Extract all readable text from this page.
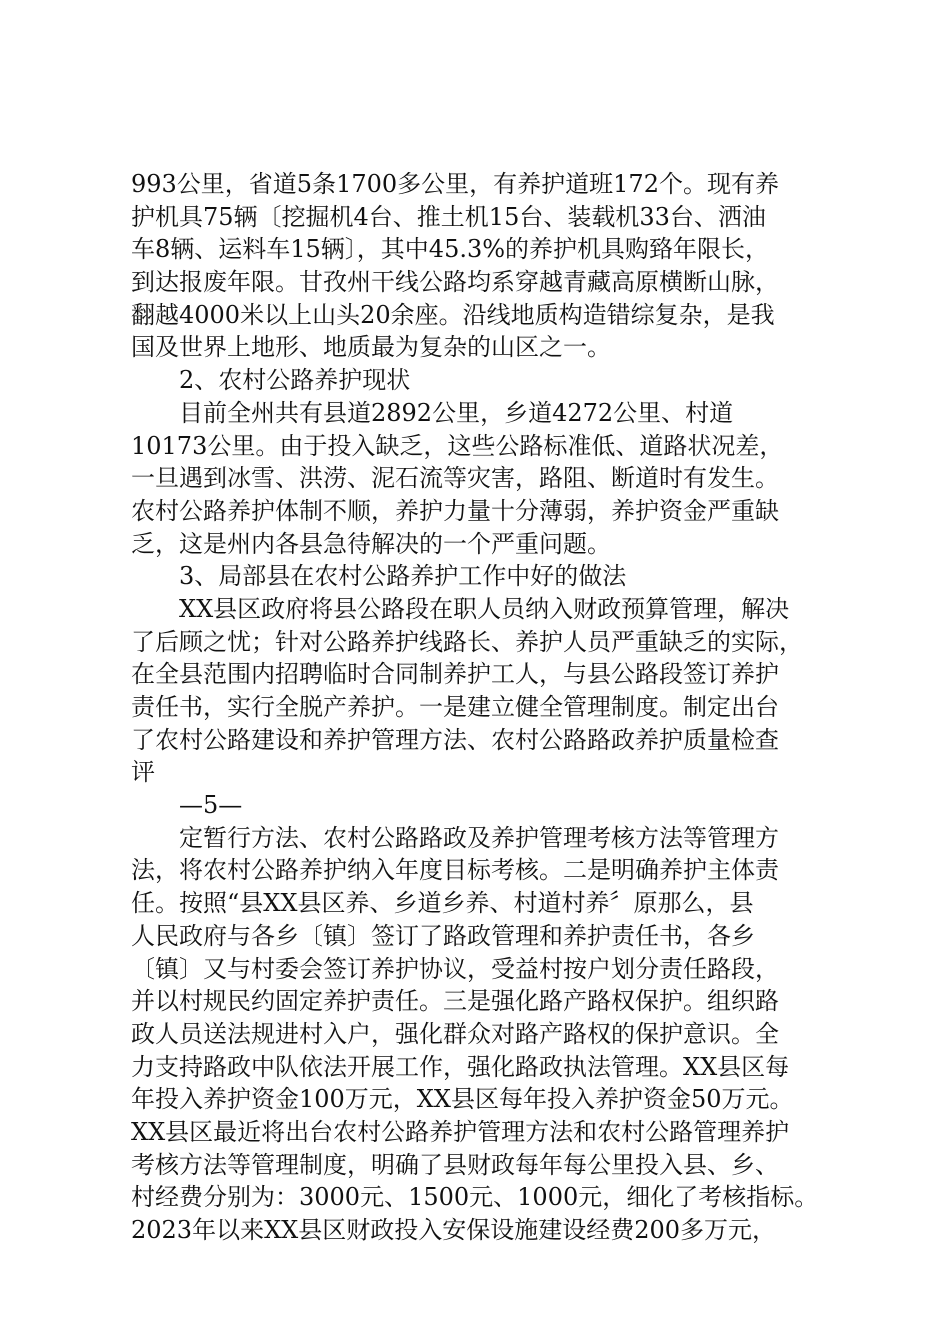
993公里，省道5条1700多公里，有养护道班172个。现有养
护机具75辆〔挖掘机4台、推土机15台、装载机33台、洒油
车8辆、运料车15辆〕，其中45.3%的养护机具购臵年限长，
到达报废年限。甘孜州干线公路均系穿越青藏高原横断山脉，
翻越4000米以上山头20余座。沿线地质构造错综复杂，是我
国及世界上地形、地质最为复杂的山区之一。
2、农村公路养护现状
目前全州共有县道2892公里，乡道4272公里、村道
10173公里。由于投入缺乏，这些公路标准低、道路状况差，
一旦遇到冰雪、洪涝、泥石流等灾害，路阻、断道时有发生。
农村公路养护体制不顺，养护力量十分薄弱，养护资金严重缺
乏，这是州内各县急待解决的一个严重问题。
3、局部县在农村公路养护工作中好的做法
XX县区政府将县公路段在职人员纳入财政预算管理，解决
了后顾之忧；针对公路养护线路长、养护人员严重缺乏的实际，
在全县范围内招聘临时合同制养护工人，与县公路段签订养护
责任书，实行全脱产养护。一是建立健全管理制度。制定出台
了农村公路建设和养护管理方法、农村公路路政养护质量检查
评
—5—
定暂行方法、农村公路路政及养护管理考核方法等管理方
法，将农村公路养护纳入年度目标考核。二是明确养护主体责
任。按照“县XX县区养、乡道乡养、村道村养〞原那么，县
人民政府与各乡〔镇〕签订了路政管理和养护责任书，各乡
〔镇〕又与村委会签订养护协议，受益村按户划分责任路段，
并以村规民约固定养护责任。三是强化路产路权保护。组织路
政人员送法规进村入户，强化群众对路产路权的保护意识。全
力支持路政中队依法开展工作，强化路政执法管理。XX县区每
年投入养护资金100万元，XX县区每年投入养护资金50万元。
XX县区最近将出台农村公路养护管理方法和农村公路管理养护
考核方法等管理制度，明确了县财政每年每公里投入县、乡、
村经费分别为：3000元、1500元、1000元，细化了考核指标。
2023年以来XX县区财政投入安保设施建设经费200多万元，
